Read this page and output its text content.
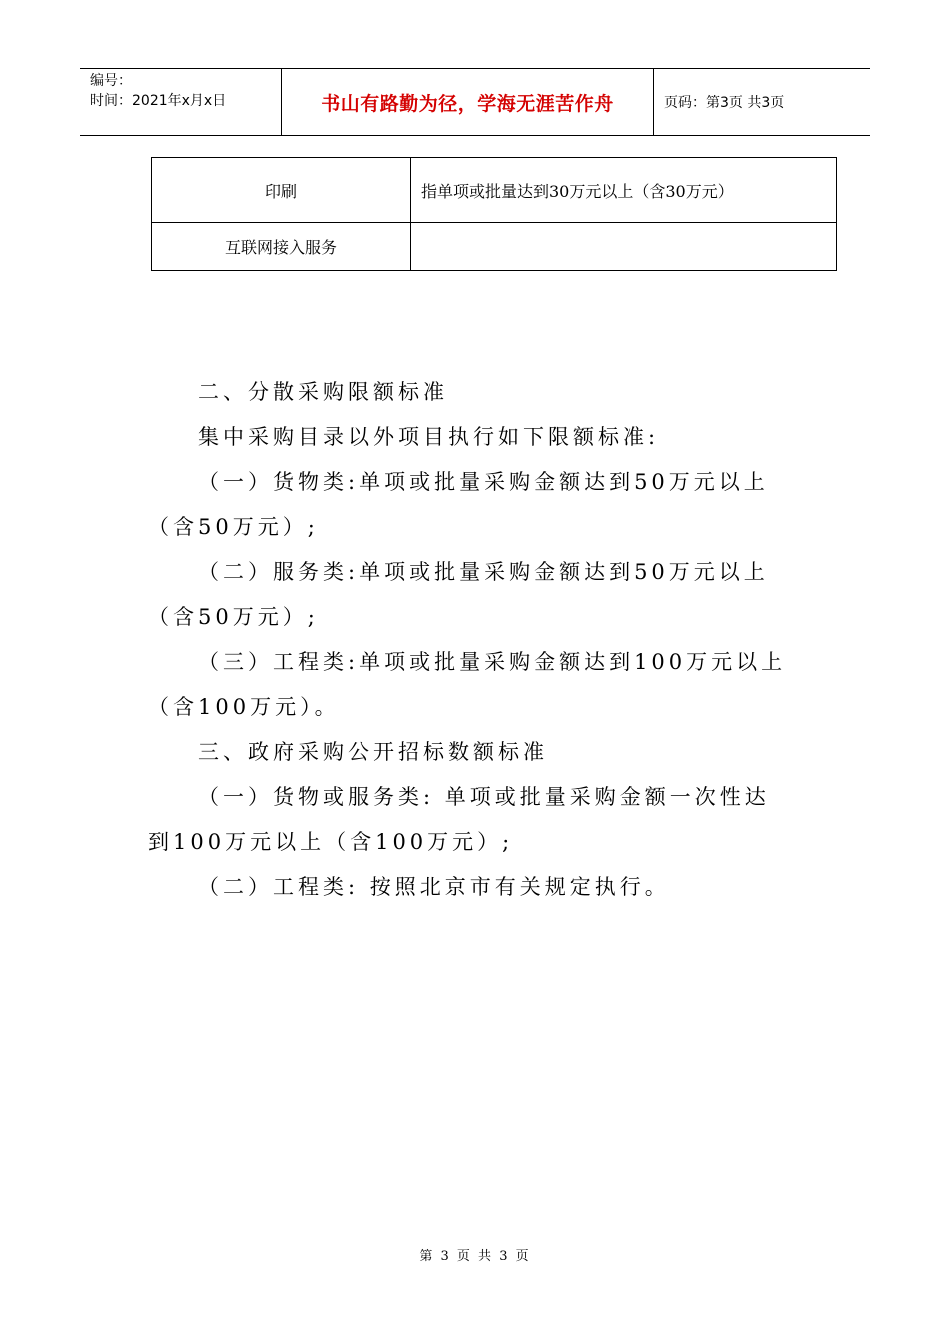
编号：
时间：2021年x月x日	书山有路勤为径，学海无涯苦作舟	页码：第3页 共3页
印刷	指单项或批量达到30万元以上（含30万元）
互联网接入服务	
二、分散采购限额标准
集中采购目录以外项目执行如下限额标准:
（一）货物类:单项或批量采购金额达到50万元以上
（含50万元）;
（二）服务类:单项或批量采购金额达到50万元以上
（含50万元）;
（三）工程类:单项或批量采购金额达到100万元以上
（含100万元）。
三、政府采购公开招标数额标准
（一）货物或服务类: 单项或批量采购金额一次性达
到100万元以上（含100万元）;
（二）工程类: 按照北京市有关规定执行。
第 3 页 共 3 页
